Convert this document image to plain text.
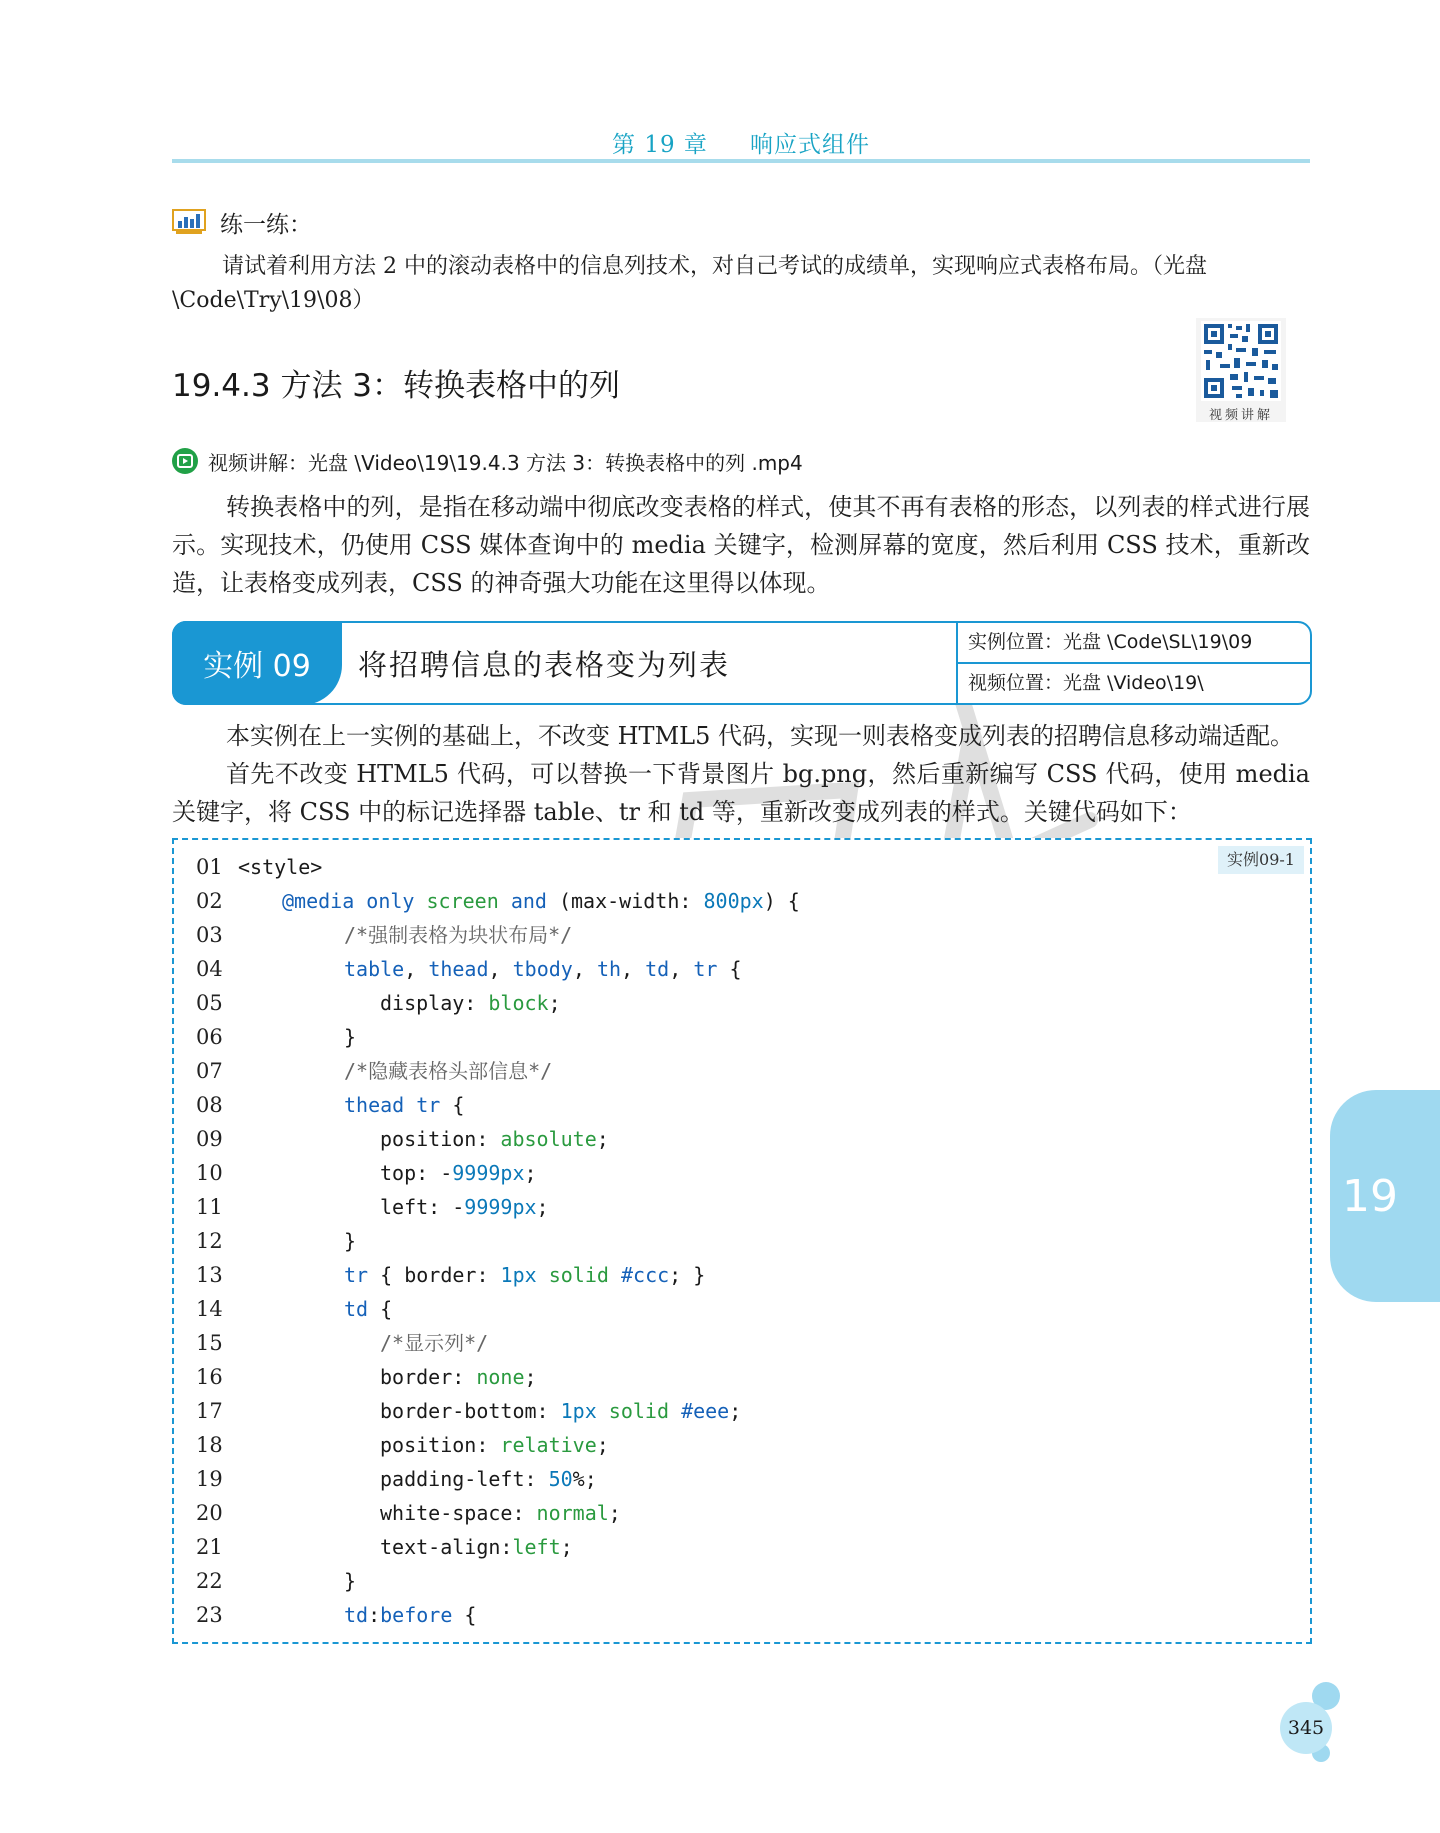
第 19 章 响应式组件
练一练：
请试着利用方法 2 中的滚动表格中的信息列技术，对自己考试的成绩单，实现响应式表格布局。（光盘 \Code\Try\19\08）
19.4.3 方法 3：转换表格中的列
视频讲解
视频讲解：光盘 \Video\19\19.4.3 方法 3：转换表格中的列 .mp4

转换表格中的列，是指在移动端中彻底改变表格的样式，使其不再有表格的形态，以列表的样式进行展示。实现技术，仍使用 CSS 媒体查询中的 media 关键字，检测屏幕的宽度，然后利用 CSS 技术，重新改造，让表格变成列表，CSS 的神奇强大功能在这里得以体现。

实例 09	将招聘信息的表格变为列表
实例位置：光盘 \Code\SL\19\09
视频位置：光盘 \Video\19\

本实例在上一实例的基础上，不改变 HTML5 代码，实现一则表格变成列表的招聘信息移动端适配。

首先不改变 HTML5 代码，可以替换一下背景图片 bg.png，然后重新编写 CSS 代码，使用 media 关键字，将 CSS 中的标记选择器 table、tr 和 td 等，重新改变成列表的样式。关键代码如下：

实例09-1
01 <style>
02	@media only screen and (max-width: 800px) {
03	/*强制表格为块状布局*/
04	table, thead, tbody, th, td, tr {
05	display: block;
06	}
07	/*隐藏表格头部信息*/
08	thead tr {
09	position: absolute;
10	top: -9999px;
11	left: -9999px;
12	}
13	tr { border: 1px solid #ccc; }
14	td {
15	/*显示列*/
16	border: none;
17	border-bottom: 1px solid #eee;
18	position: relative;
19	padding-left: 50%;
20	white-space: normal;
21	text-align:left;
22	}
23	td:before {
19
345
